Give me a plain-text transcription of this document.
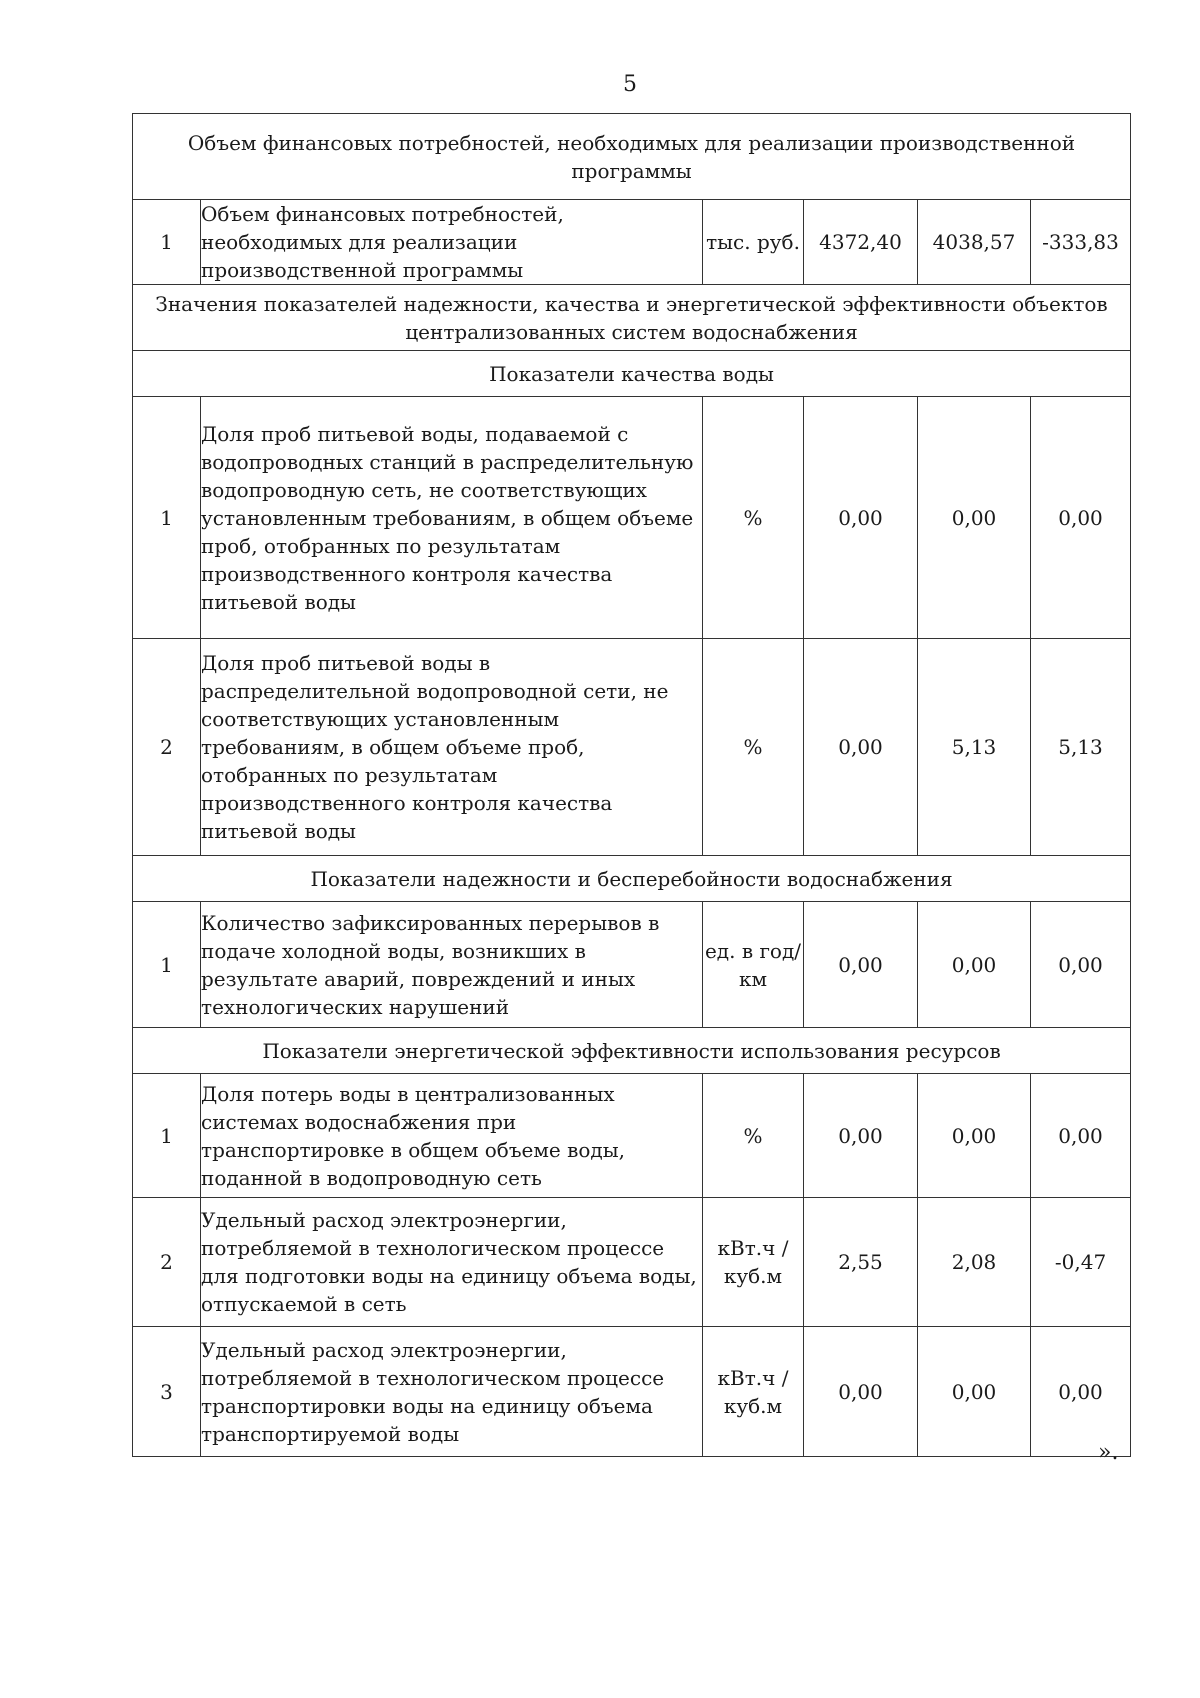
5
Объем финансовых потребностей, необходимых для реализации производственной программы					
1	Объем финансовых потребностей, необходимых для реализации производственной программы	тыс. руб.	4372,40	4038,57	-333,83
Значения показателей надежности, качества и энергетической эффективности объектов централизованных систем водоснабжения					
Показатели качества воды					
1	Доля проб питьевой воды, подаваемой с водопроводных станций в распределительную водопроводную сеть, не соответствующих установленным требованиям, в общем объеме проб, отобранных по результатам производственного контроля качества питьевой воды	%	0,00	0,00	0,00
2	Доля проб питьевой воды в распределительной водопроводной сети, не соответствующих установленным требованиям, в общем объеме проб, отобранных по результатам производственного контроля качества питьевой воды	%	0,00	5,13	5,13
Показатели надежности и бесперебойности водоснабжения					
1	Количество зафиксированных перерывов в подаче холодной воды, возникших в результате аварий, повреждений и иных технологических нарушений	ед. в год/ км	0,00	0,00	0,00
Показатели энергетической эффективности использования ресурсов					
1	Доля потерь воды в централизованных системах водоснабжения при транспортировке в общем объеме воды, поданной в водопроводную сеть	%	0,00	0,00	0,00
2	Удельный расход электроэнергии, потребляемой в технологическом процессе для подготовки воды на единицу объема воды, отпускаемой в сеть	кВт.ч / куб.м	2,55	2,08	-0,47
3	Удельный расход электроэнергии, потребляемой в технологическом процессе транспортировки воды на единицу объема транспортируемой воды	кВт.ч / куб.м	0,00	0,00	0,00
».
